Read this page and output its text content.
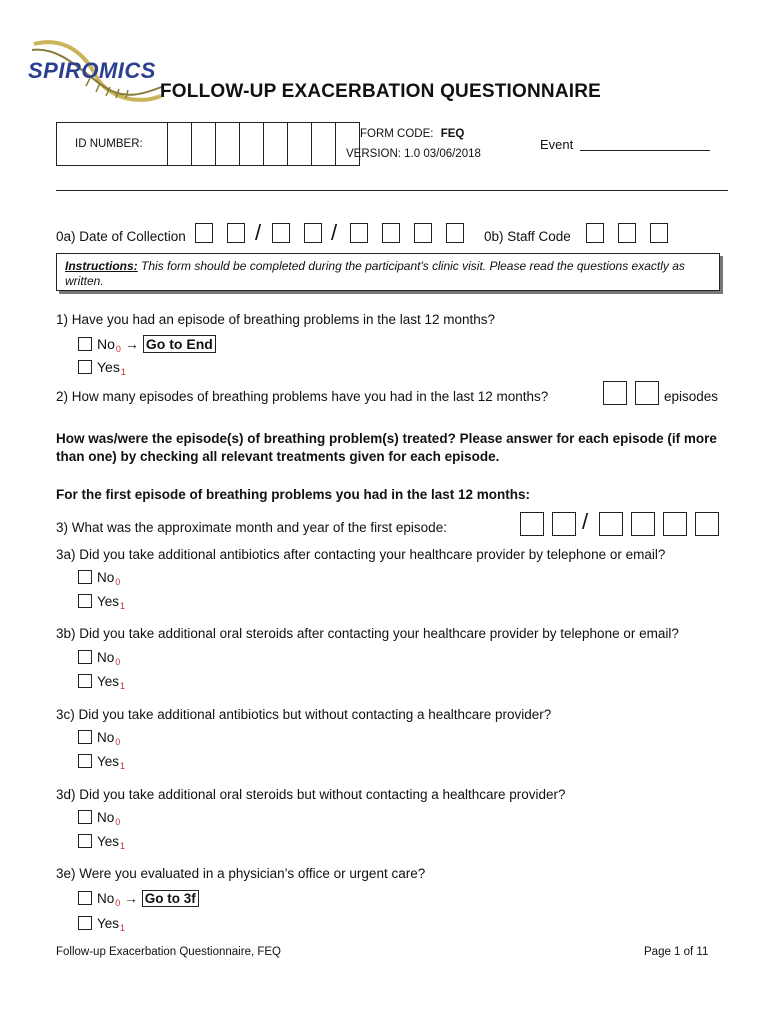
SPIROMICS
FOLLOW-UP EXACERBATION QUESTIONNAIRE
ID NUMBER:
FORM CODE: FEQ
VERSION: 1.0 03/06/2018
Event
0a) Date of Collection	/	/	0b) Staff Code
Instructions: This form should be completed during the participant's clinic visit. Please read the questions exactly as written.
1) Have you had an episode of breathing problems in the last 12 months?
$No_0 \to Go$ to End
Yes$_1$
2) How many episodes of breathing problems have you had in the last 12 months?	episodes
How was/were the episode(s) of breathing problem(s) treated? Please answer for each episode (if more than one) by checking all relevant treatments given for each episode.
For the first episode of breathing problems you had in the last 12 months:
3) What was the approximate month and year of the first episode:	/
3a) Did you take additional antibiotics after contacting your healthcare provider by telephone or email?
$No_0$
Yes$_1$
3b) Did you take additional oral steroids after contacting your healthcare provider by telephone or email?
$No_0$
Yes$_1$
3c) Did you take additional antibiotics but without contacting a healthcare provider?
$No_0$
Yes$_1$
3d) Did you take additional oral steroids but without contacting a healthcare provider?
$No_0$
Yes$_1$
3e) Were you evaluated in a physician’s office or urgent care?
$No_0 \to Go$ to 3f
Yes$_1$
Follow-up Exacerbation Questionnaire, FEQ	Page 1 of 11
